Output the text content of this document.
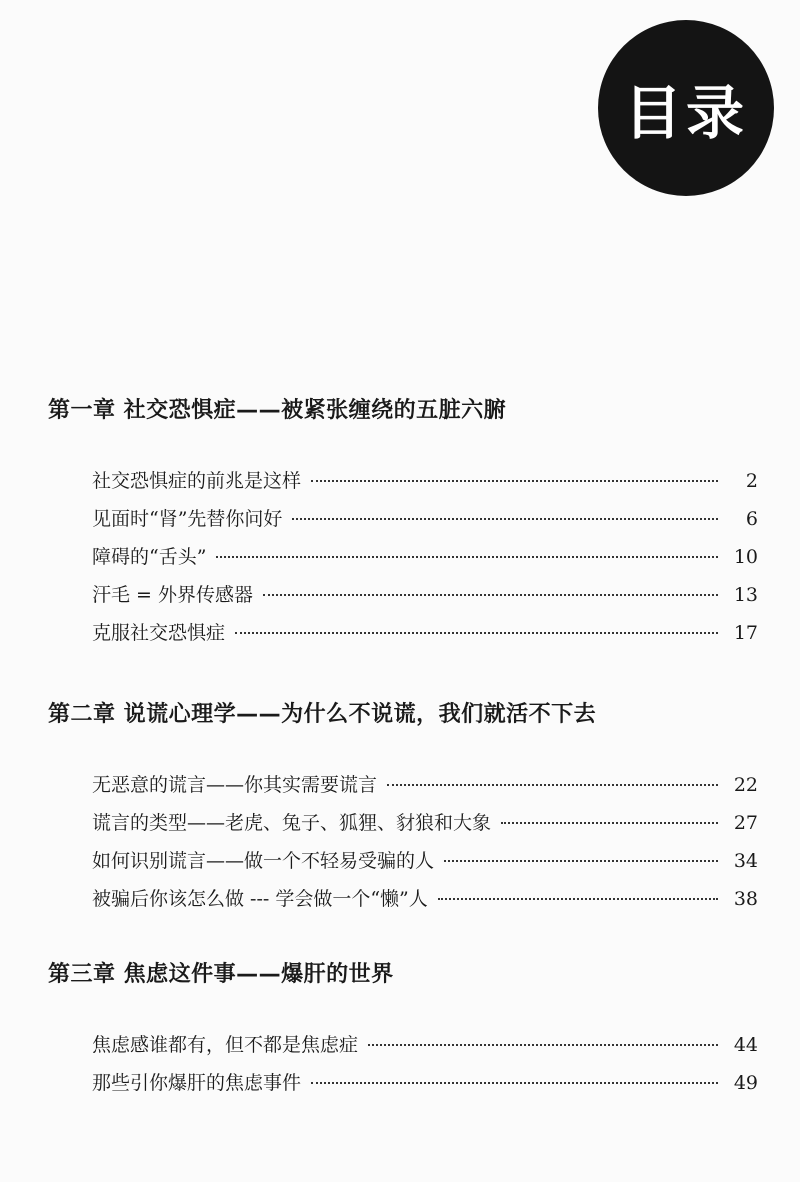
目录
第一章 社交恐惧症——被紧张缠绕的五脏六腑
社交恐惧症的前兆是这样	2
见面时“肾”先替你问好	6
障碍的“舌头”	10
汗毛 = 外界传感器	13
克服社交恐惧症	17
第二章 说谎心理学——为什么不说谎，我们就活不下去
无恶意的谎言——你其实需要谎言	22
谎言的类型——老虎、兔子、狐狸、豺狼和大象	27
如何识别谎言——做一个不轻易受骗的人	34
被骗后你该怎么做 --- 学会做一个“懒”人	38
第三章 焦虑这件事——爆肝的世界
焦虑感谁都有，但不都是焦虑症	44
那些引你爆肝的焦虑事件	49
